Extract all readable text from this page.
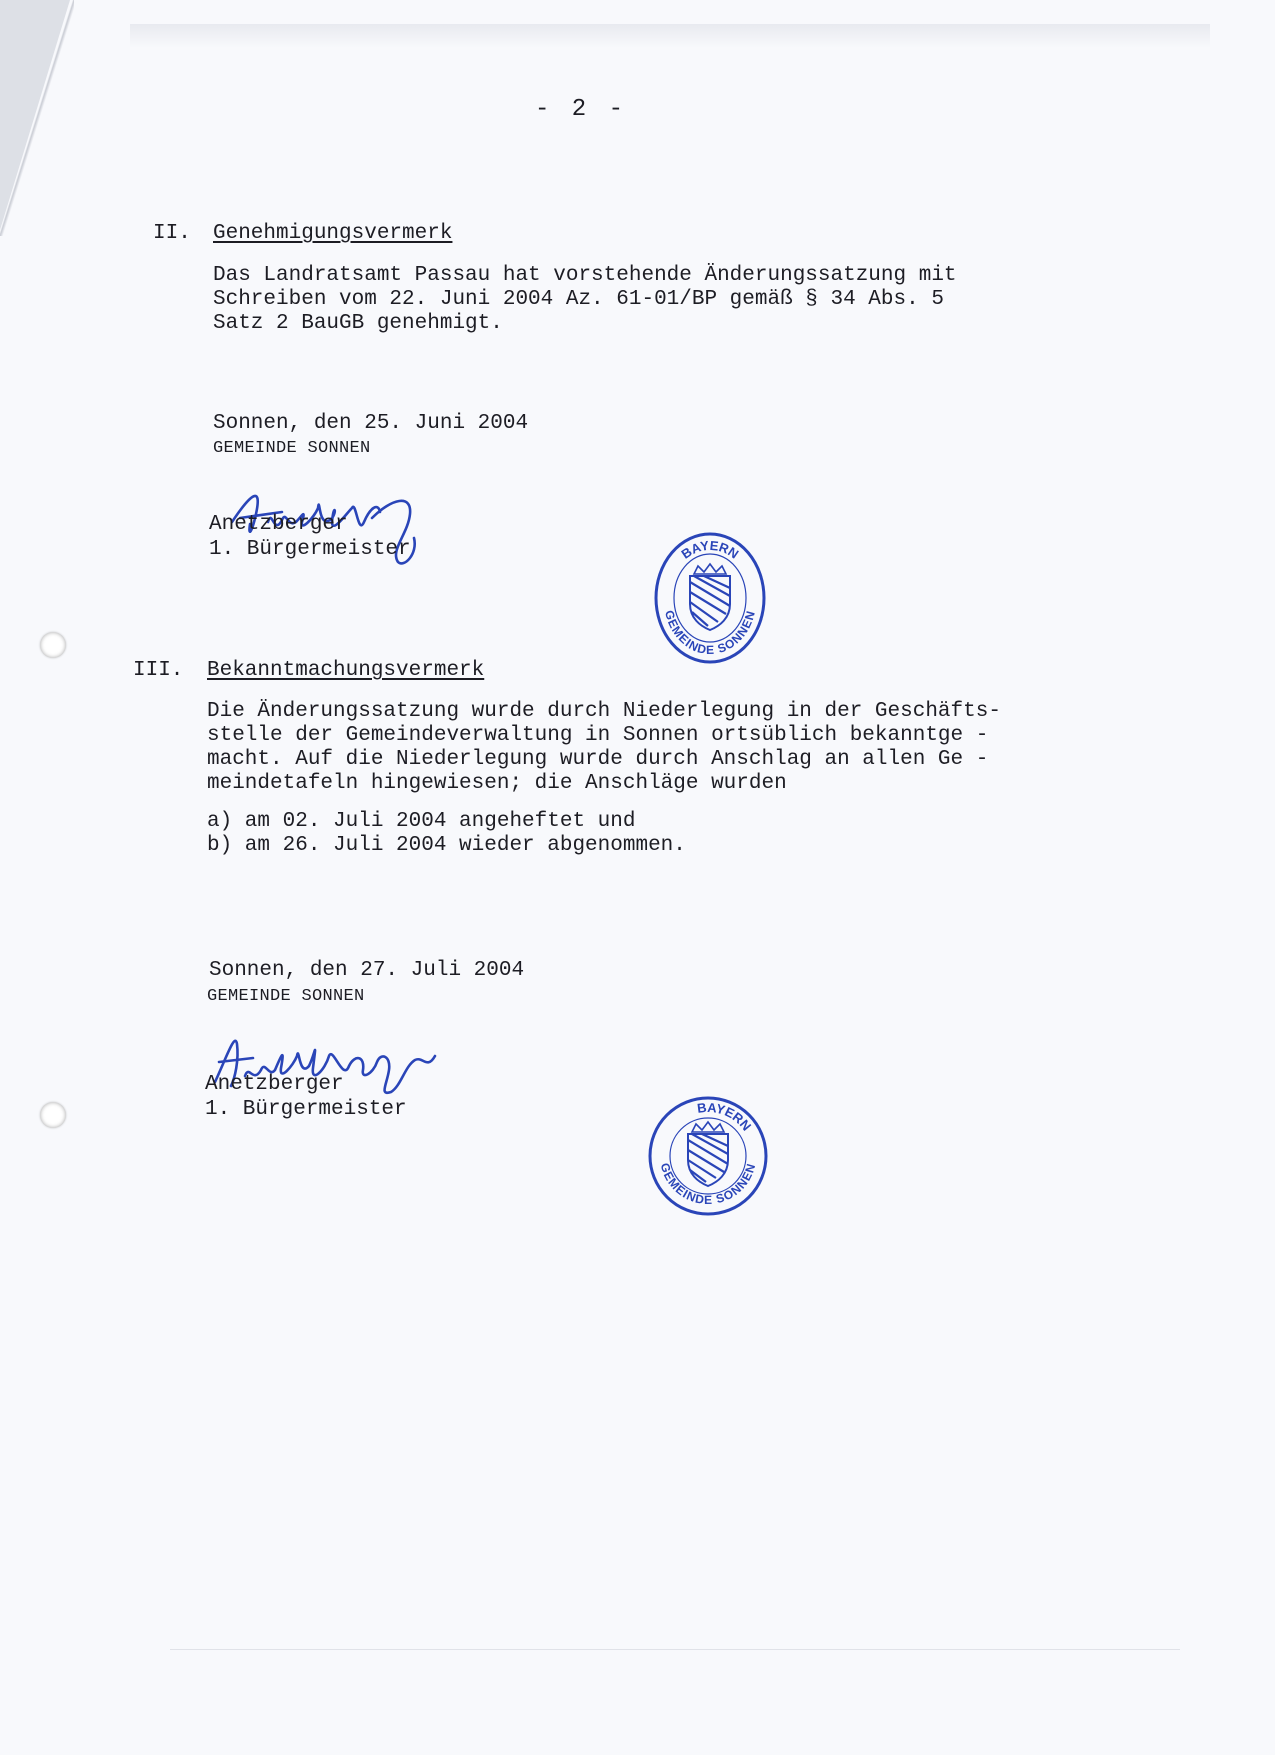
- 2 -
II. Genehmigungsvermerk
Das Landratsamt Passau hat vorstehende Änderungssatzung mit
Schreiben vom 22. Juni 2004 Az. 61-01/BP gemäß § 34 Abs. 5
Satz 2 BauGB genehmigt.
Sonnen, den 25. Juni 2004
GEMEINDE SONNEN
Anetzberger
1. Bürgermeister	BAYERN
GEMEINDE SONNEN
III. Bekanntmachungsvermerk
Die Änderungssatzung wurde durch Niederlegung in der Geschäfts-
stelle der Gemeindeverwaltung in Sonnen ortsüblich bekanntge -
macht. Auf die Niederlegung wurde durch Anschlag an allen Ge -
meindetafeln hingewiesen; die Anschläge wurden
a) am 02. Juli 2004 angeheftet und
b) am 26. Juli 2004 wieder abgenommen.
Sonnen, den 27. Juli 2004
GEMEINDE SONNEN
Anetzberger
1. Bürgermeister	BAYERN
GEMEINDE SONNEN
